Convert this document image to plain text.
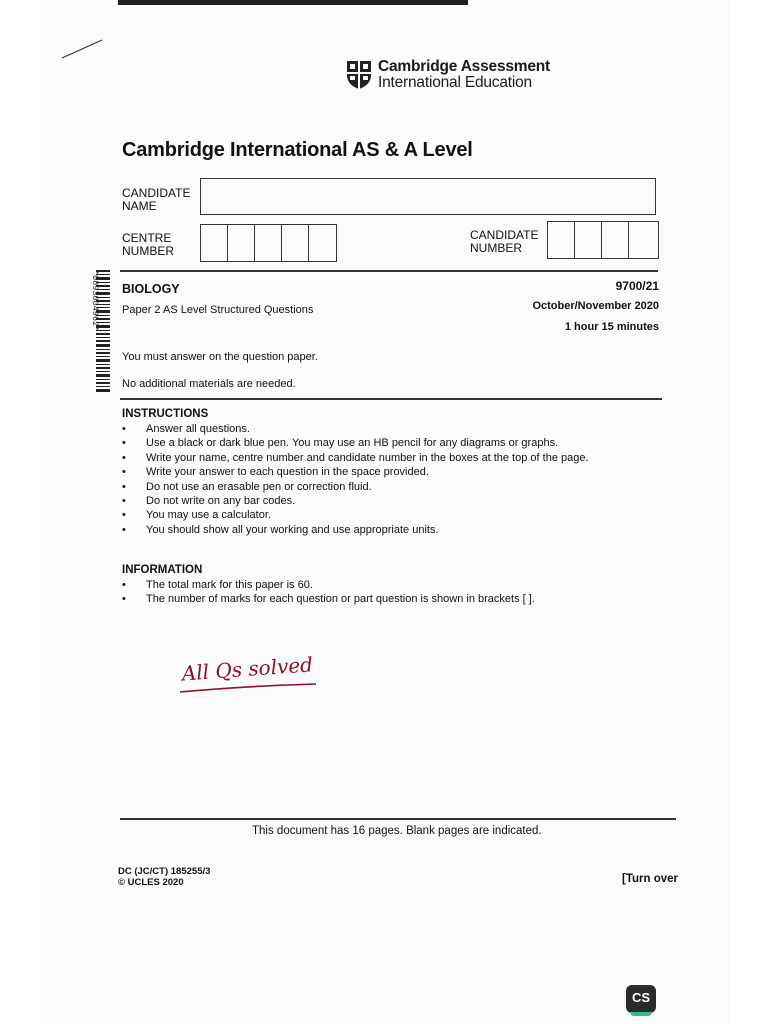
Cambridge Assessment
International Education
Cambridge International AS & A Level
CANDIDATE
NAME
CENTRE
NUMBER
CANDIDATE
NUMBER
*0893004962* BIOLOGY
Paper 2 AS Level Structured Questions
9700/21
October/November 2020
1 hour 15 minutes
You must answer on the question paper.
No additional materials are needed.
INSTRUCTIONS
• Answer all questions.
• Use a black or dark blue pen. You may use an HB pencil for any diagrams or graphs.
• Write your name, centre number and candidate number in the boxes at the top of the page.
• Write your answer to each question in the space provided.
• Do not use an erasable pen or correction fluid.
• Do not write on any bar codes.
• You may use a calculator.
• You should show all your working and use appropriate units.
INFORMATION
• The total mark for this paper is 60.
• The number of marks for each question or part question is shown in brackets [ ].
All Qs solved
This document has 16 pages. Blank pages are indicated.
DC (JC/CT) 185255/3
© UCLES 2020	[Turn over
CS
